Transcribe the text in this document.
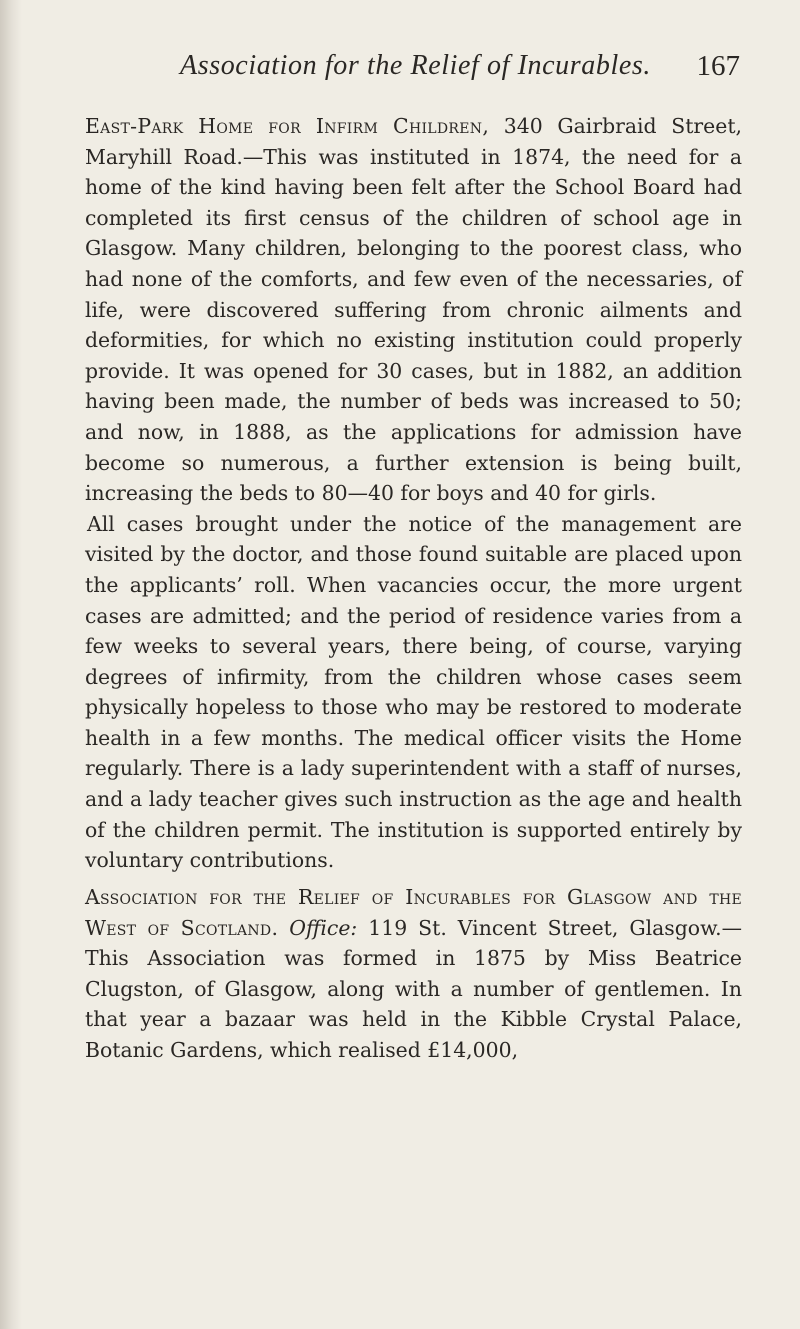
Association for the Relief of Incurables. 167

East-Park Home for Infirm Children, 340 Gairbraid Street, Maryhill Road.—This was instituted in 1874, the need for a home of the kind having been felt after the School Board had completed its first census of the children of school age in Glasgow. Many children, belonging to the poorest class, who had none of the comforts, and few even of the necessaries, of life, were discovered suffering from chronic ailments and deformities, for which no existing institution could properly provide. It was opened for 30 cases, but in 1882, an addition having been made, the number of beds was increased to 50; and now, in 1888, as the applications for admission have become so numerous, a further extension is being built, increasing the beds to 80—40 for boys and 40 for girls.

All cases brought under the notice of the management are visited by the doctor, and those found suitable are placed upon the applicants’ roll. When vacancies occur, the more urgent cases are admitted; and the period of residence varies from a few weeks to several years, there being, of course, varying degrees of infirmity, from the children whose cases seem physically hopeless to those who may be restored to moderate health in a few months. The medical officer visits the Home regularly. There is a lady superintendent with a staff of nurses, and a lady teacher gives such instruction as the age and health of the children permit. The institution is supported entirely by voluntary contributions.

Association for the Relief of Incurables for Glasgow and the West of Scotland. Office: 119 St. Vincent Street, Glasgow.—This Association was formed in 1875 by Miss Beatrice Clugston, of Glasgow, along with a number of gentlemen. In that year a bazaar was held in the Kibble Crystal Palace, Botanic Gardens, which realised £14,000,
